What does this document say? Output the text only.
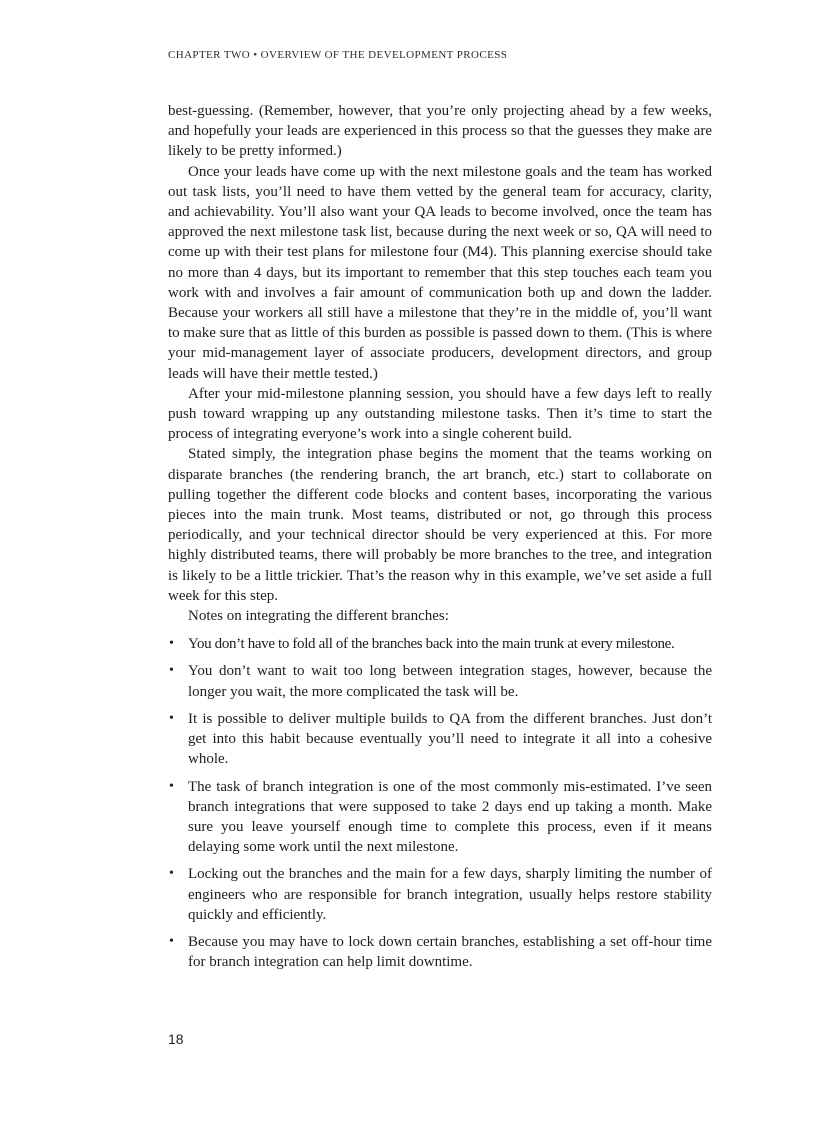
CHAPTER TWO • OVERVIEW OF THE DEVELOPMENT PROCESS

best-guessing. (Remember, however, that you’re only projecting ahead by a few weeks, and hopefully your leads are experienced in this process so that the guesses they make are likely to be pretty informed.)

Once your leads have come up with the next milestone goals and the team has worked out task lists, you’ll need to have them vetted by the general team for accuracy, clarity, and achievability. You’ll also want your QA leads to become involved, once the team has approved the next milestone task list, because during the next week or so, QA will need to come up with their test plans for milestone four (M4). This planning exercise should take no more than 4 days, but its important to remember that this step touches each team you work with and involves a fair amount of communication both up and down the ladder. Because your workers all still have a milestone that they’re in the middle of, you’ll want to make sure that as little of this burden as possible is passed down to them. (This is where your mid-management layer of associate producers, development directors, and group leads will have their mettle tested.)

After your mid-milestone planning session, you should have a few days left to really push toward wrapping up any outstanding milestone tasks. Then it’s time to start the process of integrating everyone’s work into a single coherent build.

Stated simply, the integration phase begins the moment that the teams working on disparate branches (the rendering branch, the art branch, etc.) start to collaborate on pulling together the different code blocks and content bases, incorporating the various pieces into the main trunk. Most teams, distributed or not, go through this process periodically, and your technical director should be very experienced at this. For more highly distributed teams, there will probably be more branches to the tree, and integration is likely to be a little trickier. That’s the reason why in this example, we’ve set aside a full week for this step.

Notes on integrating the different branches:

• You don’t have to fold all of the branches back into the main trunk at every milestone.
• You don’t want to wait too long between integration stages, however, because the longer you wait, the more complicated the task will be.
• It is possible to deliver multiple builds to QA from the different branches. Just don’t get into this habit because eventually you’ll need to integrate it all into a cohesive whole.
• The task of branch integration is one of the most commonly mis-estimated. I’ve seen branch integrations that were supposed to take 2 days end up taking a month. Make sure you leave yourself enough time to complete this process, even if it means delaying some work until the next milestone.
• Locking out the branches and the main for a few days, sharply limiting the number of engineers who are responsible for branch integration, usually helps restore stability quickly and efficiently.
• Because you may have to lock down certain branches, establishing a set off-hour time for branch integration can help limit downtime.
18
